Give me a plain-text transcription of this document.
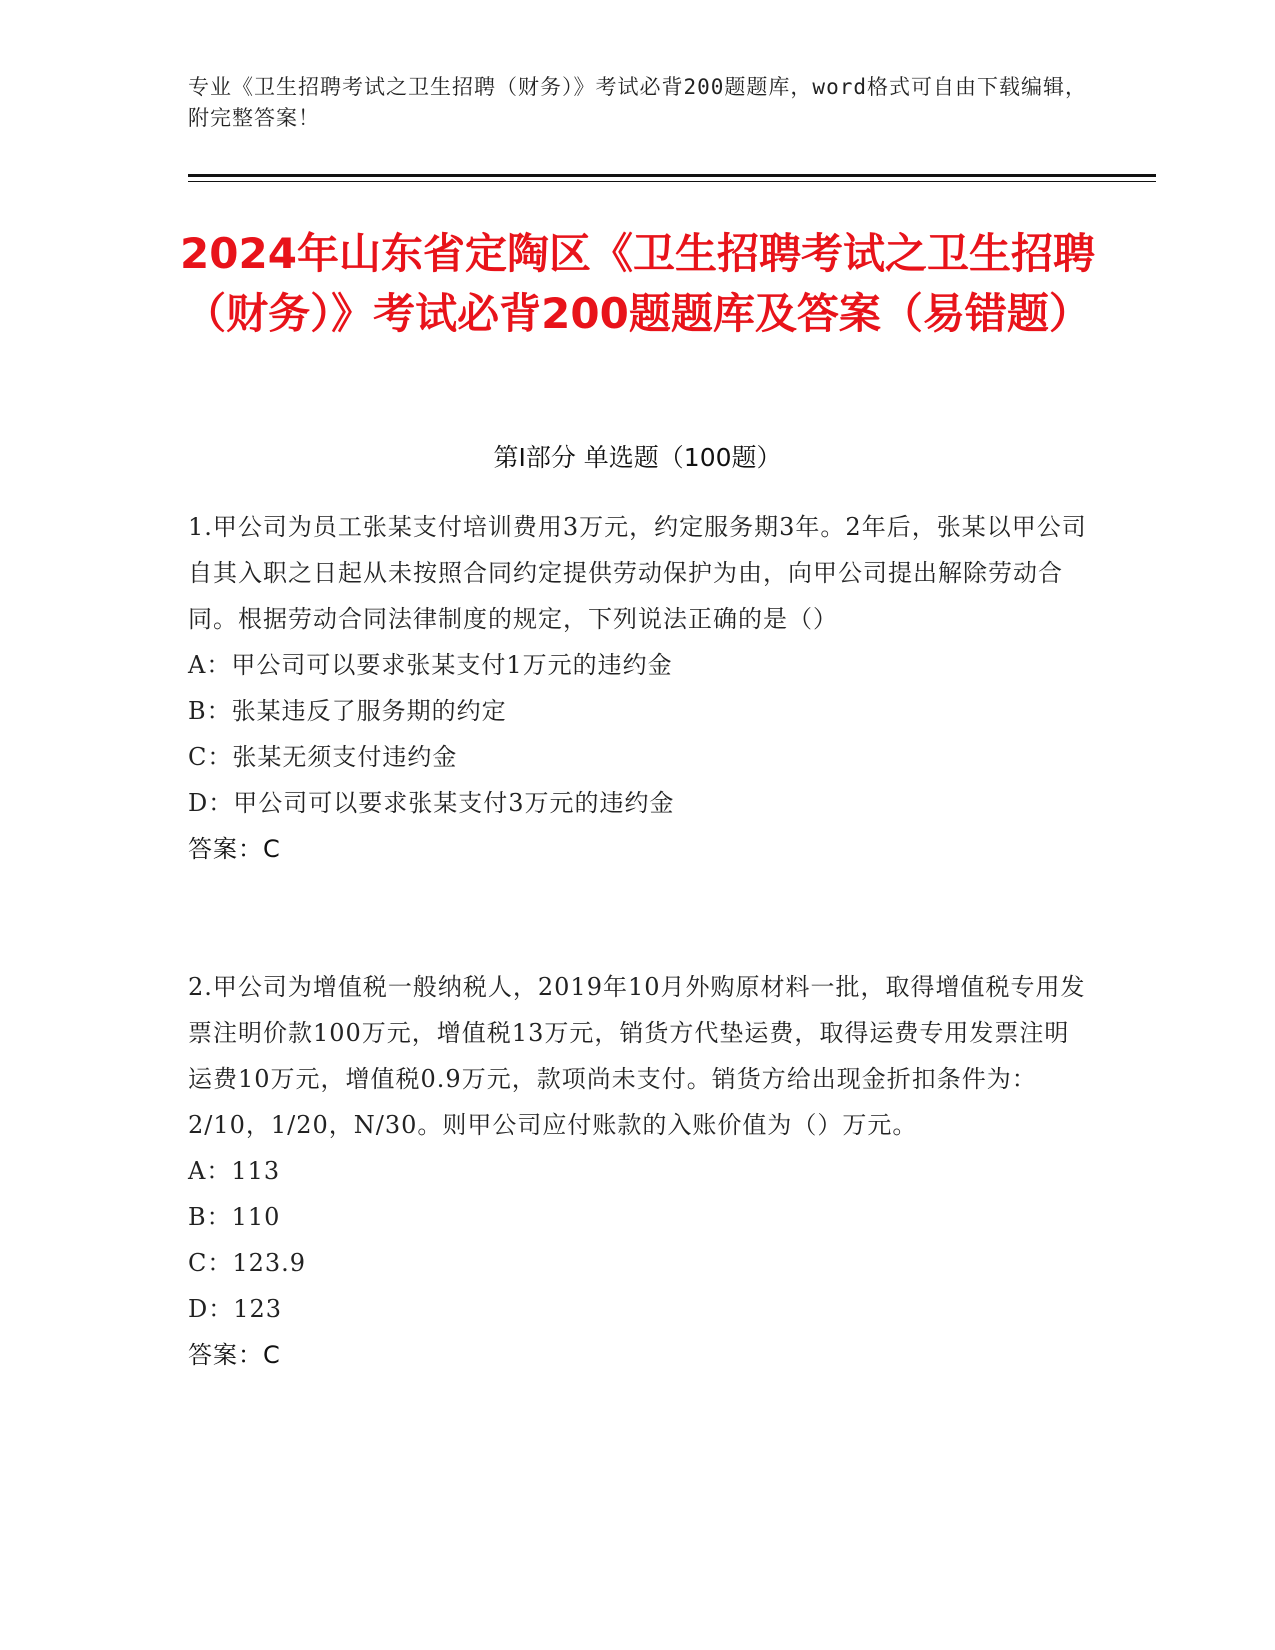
专业《卫生招聘考试之卫生招聘（财务）》考试必背200题题库，word格式可自由下载编辑，附完整答案！
2024年山东省定陶区《卫生招聘考试之卫生招聘（财务）》考试必背200题题库及答案（易错题）
第Ⅰ部分 单选题（100题）

1.甲公司为员工张某支付培训费用3万元，约定服务期3年。2年后，张某以甲公司自其入职之日起从未按照合同约定提供劳动保护为由，向甲公司提出解除劳动合同。根据劳动合同法律制度的规定，下列说法正确的是（）

A：甲公司可以要求张某支付1万元的违约金

B：张某违反了服务期的约定

C：张某无须支付违约金

D：甲公司可以要求张某支付3万元的违约金

答案：C

2.甲公司为增值税一般纳税人，2019年10月外购原材料一批，取得增值税专用发票注明价款100万元，增值税13万元，销货方代垫运费，取得运费专用发票注明运费10万元，增值税0.9万元，款项尚未支付。销货方给出现金折扣条件为：2/10，1/20，N/30。则甲公司应付账款的入账价值为（）万元。

A：113

B：110

C：123.9

D：123

答案：C
